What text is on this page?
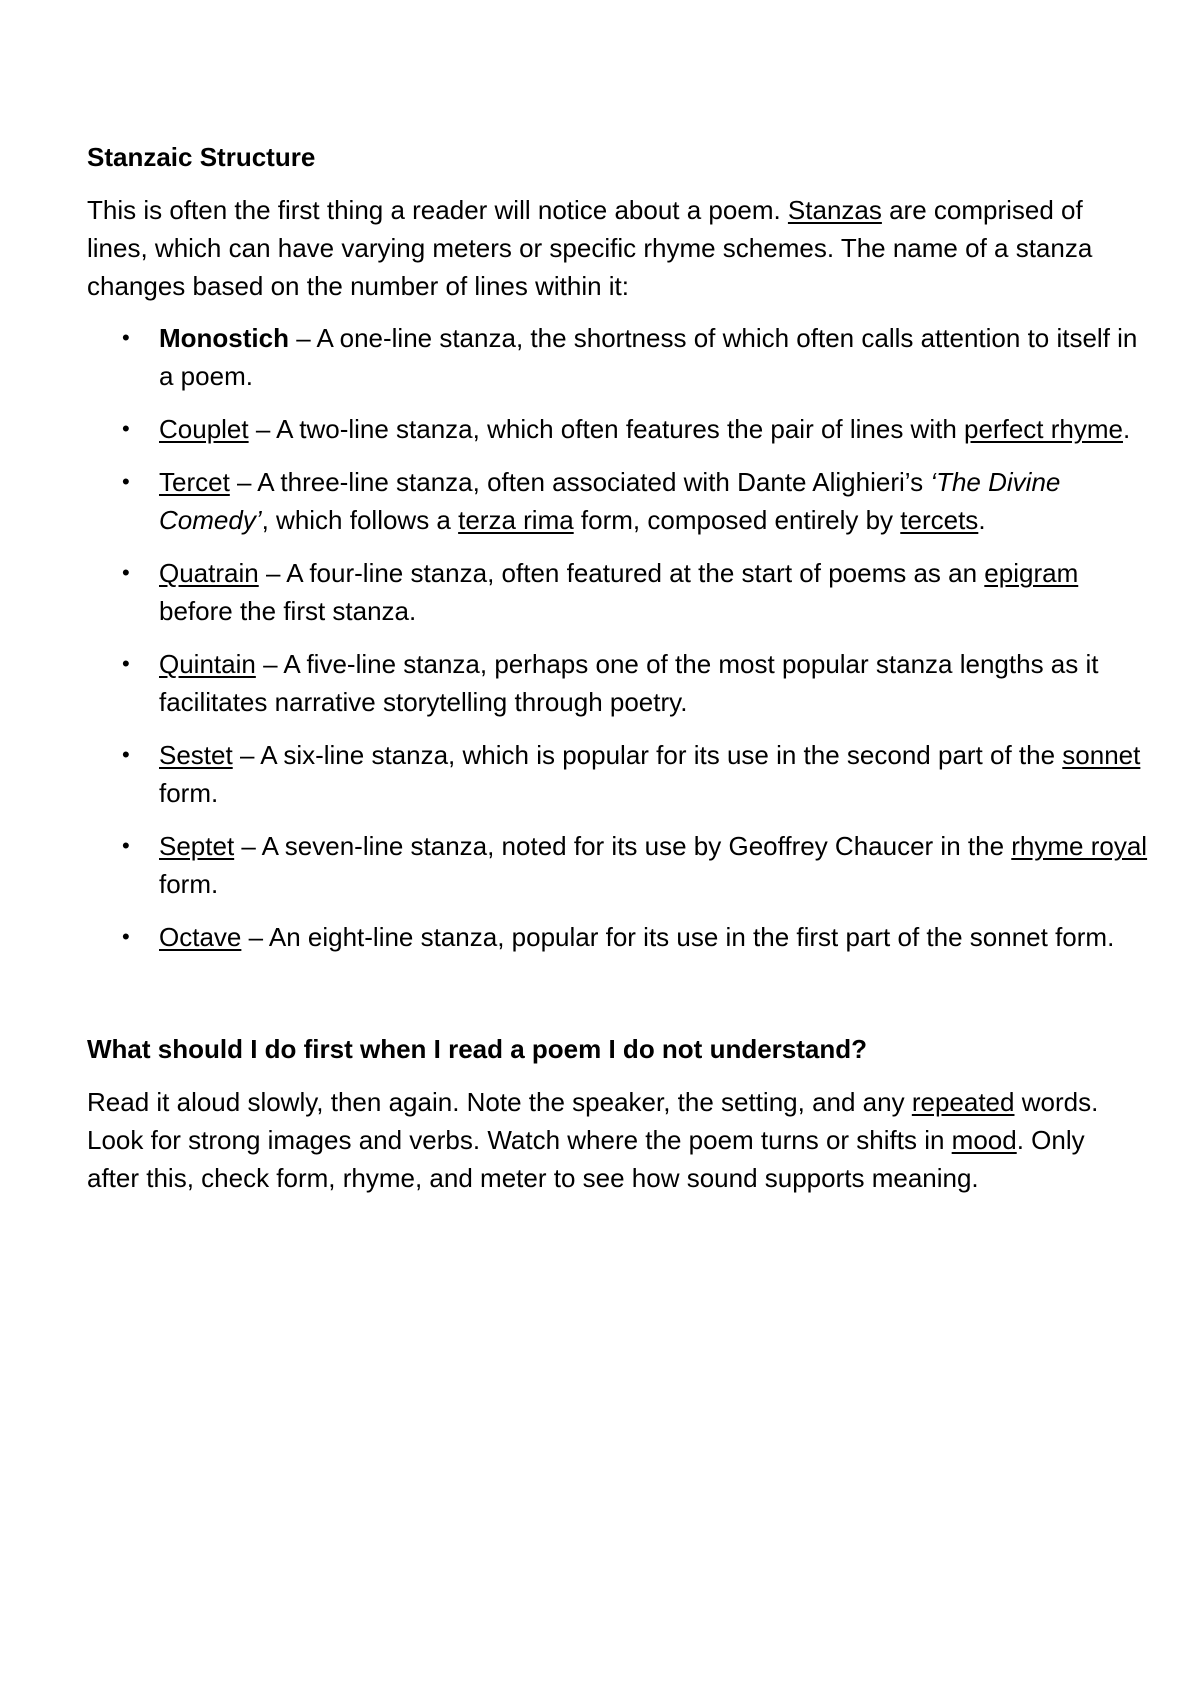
Stanzaic Structure

This is often the first thing a reader will notice about a poem. Stanzas are comprised of lines, which can have varying meters or specific rhyme schemes. The name of a stanza changes based on the number of lines within it:

• Monostich – A one-line stanza, the shortness of which often calls attention to itself in a poem.
• Couplet – A two-line stanza, which often features the pair of lines with perfect rhyme.
• Tercet – A three-line stanza, often associated with Dante Alighieri’s ‘The Divine Comedy’, which follows a terza rima form, composed entirely by tercets.
• Quatrain – A four-line stanza, often featured at the start of poems as an epigram before the first stanza.
• Quintain – A five-line stanza, perhaps one of the most popular stanza lengths as it facilitates narrative storytelling through poetry.
• Sestet – A six-line stanza, which is popular for its use in the second part of the sonnet form.
• Septet – A seven-line stanza, noted for its use by Geoffrey Chaucer in the rhyme royal form.
• Octave – An eight-line stanza, popular for its use in the first part of the sonnet form.
What should I do first when I read a poem I do not understand?

Read it aloud slowly, then again. Note the speaker, the setting, and any repeated words. Look for strong images and verbs. Watch where the poem turns or shifts in mood. Only after this, check form, rhyme, and meter to see how sound supports meaning.
